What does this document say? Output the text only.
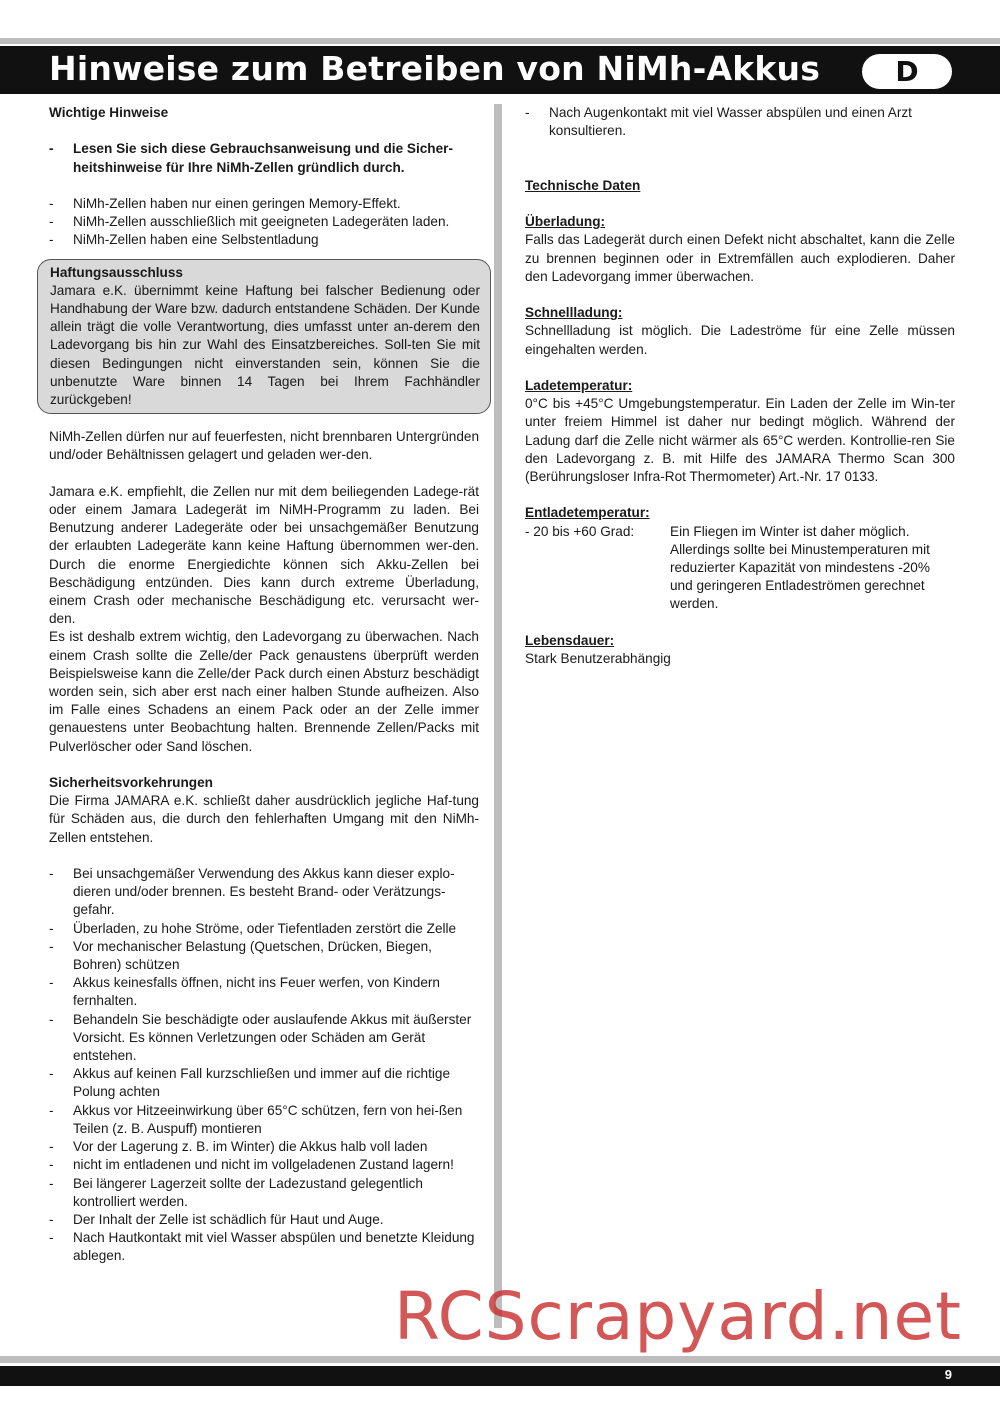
Hinweise zum Betreiben von NiMh-Akkus	D

Wichtige Hinweise

-	Lesen Sie sich diese Gebrauchsanweisung und die Sicher-heitshinweise für Ihre NiMh-Zellen gründlich durch.
-	NiMh-Zellen haben nur einen geringen Memory-Effekt.
-	NiMh-Zellen ausschließlich mit geeigneten Ladegeräten laden.
-	NiMh-Zellen haben eine Selbstentladung

Haftungsausschluss

Jamara e.K. übernimmt keine Haftung bei falscher Bedienung oder Handhabung der Ware bzw. dadurch entstandene Schäden. Der Kunde allein trägt die volle Verantwortung, dies umfasst unter an-derem den Ladevorgang bis hin zur Wahl des Einsatzbereiches. Soll-ten Sie mit diesen Bedingungen nicht einverstanden sein, können Sie die unbenutzte Ware binnen 14 Tagen bei Ihrem Fachhändler zurückgeben!

NiMh-Zellen dürfen nur auf feuerfesten, nicht brennbaren Untergründen und/oder Behältnissen gelagert und geladen wer-den.

Jamara e.K. empfiehlt, die Zellen nur mit dem beiliegenden Ladege-rät oder einem Jamara Ladegerät im NiMH-Programm zu laden. Bei Benutzung anderer Ladegeräte oder bei unsachgemäßer Benutzung der erlaubten Ladegeräte kann keine Haftung übernommen wer-den. Durch die enorme Energiedichte können sich Akku-Zellen bei Beschädigung entzünden. Dies kann durch extreme Überladung, einem Crash oder mechanische Beschädigung etc. verursacht wer-den.

Es ist deshalb extrem wichtig, den Ladevorgang zu überwachen. Nach einem Crash sollte die Zelle/der Pack genaustens überprüft werden Beispielsweise kann die Zelle/der Pack durch einen Absturz beschädigt worden sein, sich aber erst nach einer halben Stunde aufheizen. Also im Falle eines Schadens an einem Pack oder an der Zelle immer genauestens unter Beobachtung halten. Brennende Zellen/Packs mit Pulverlöscher oder Sand löschen.

Sicherheitsvorkehrungen

Die Firma JAMARA e.K. schließt daher ausdrücklich jegliche Haf-tung für Schäden aus, die durch den fehlerhaften Umgang mit den NiMh-Zellen entstehen.

-	Bei unsachgemäßer Verwendung des Akkus kann dieser explo-dieren und/oder brennen. Es besteht Brand- oder Verätzungs-gefahr.
-	Überladen, zu hohe Ströme, oder Tiefentladen zerstört die Zelle
-	Vor mechanischer Belastung (Quetschen, Drücken, Biegen, Bohren) schützen
-	Akkus keinesfalls öffnen, nicht ins Feuer werfen, von Kindern fernhalten.
-	Behandeln Sie beschädigte oder auslaufende Akkus mit äußerster Vorsicht. Es können Verletzungen oder Schäden am Gerät entstehen.
-	Akkus auf keinen Fall kurzschließen und immer auf die richtige Polung achten
-	Akkus vor Hitzeeinwirkung über 65°C schützen, fern von hei-ßen Teilen (z. B. Auspuff) montieren
-	Vor der Lagerung z. B. im Winter) die Akkus halb voll laden
-	nicht im entladenen und nicht im vollgeladenen Zustand lagern!
-	Bei längerer Lagerzeit sollte der Ladezustand gelegentlich kontrolliert werden.
-	Der Inhalt der Zelle ist schädlich für Haut und Auge.
-	Nach Hautkontakt mit viel Wasser abspülen und benetzte Kleidung ablegen.
-	Nach Augenkontakt mit viel Wasser abspülen und einen Arzt konsultieren.

Technische Daten

Überladung:

Falls das Ladegerät durch einen Defekt nicht abschaltet, kann die Zelle zu brennen beginnen oder in Extremfällen auch explodieren. Daher den Ladevorgang immer überwachen.

Schnellladung:

Schnellladung ist möglich. Die Ladeströme für eine Zelle müssen eingehalten werden.

Ladetemperatur:

0°C bis +45°C Umgebungstemperatur. Ein Laden der Zelle im Win-ter unter freiem Himmel ist daher nur bedingt möglich. Während der Ladung darf die Zelle nicht wärmer als 65°C werden. Kontrollie-ren Sie den Ladevorgang z. B. mit Hilfe des JAMARA Thermo Scan 300 (Berührungsloser Infra-Rot Thermometer) Art.-Nr. 17 0133.

Entladetemperatur:

- 20 bis +60 Grad:	Ein Fliegen im Winter ist daher möglich. Allerdings sollte bei Minustemperaturen mit reduzierter Kapazität von mindestens -20% und geringeren Entladeströmen gerechnet werden.

Lebensdauer:

Stark Benutzerabhängig

RCScrapyard.net
9
